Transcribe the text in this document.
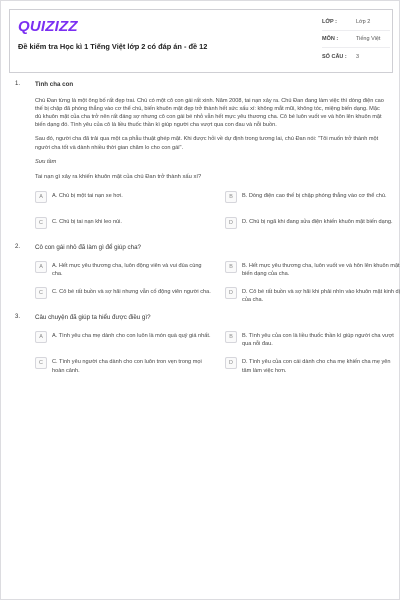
QUIZIZZ
Đề kiểm tra Học kì 1 Tiếng Việt lớp 2 có đáp án - đề 12
LỚP :	Lớp 2
MÔN :	Tiếng Việt
SỐ CÂU :	3
1. Tình cha con

Chú Đan từng là một ông bố rất đẹp trai. Chú có một cô con gái rất xinh. Năm 2008, tai nạn xảy ra. Chú Đan đang làm việc thì dòng điện cao thế bị chập đã phóng thẳng vào cơ thể chú, biến khuôn mặt đẹp trở thành hết sức xấu xí: không mắt mũi, không tóc, miệng biến dạng. Mặc dù khuôn mặt của cha trở nên rất đáng sợ nhưng cô con gái bé nhỏ vẫn hết mực yêu thương cha. Cô bé luôn vuốt ve và hôn lên khuôn mặt biến dạng đó. Tình yêu của cô là liều thuốc thần kì giúp người cha vượt qua con đau và nỗi buồn.

Sau đó, người cha đã trải qua một ca phẫu thuật ghép mặt. Khi được hỏi về dự định trong tương lai, chú Đan nói: "Tôi muốn trở thành một người cha tốt và dành nhiều thời gian chăm lo cho con gái".

Sưu tầm

Tai nạn gì xảy ra khiến khuôn mặt của chú Đan trở thành xấu xí?
A	A. Chú bị một tai nạn xe hơi.	B	B. Dòng điện cao thế bị chập phóng thẳng vào cơ thể chú.
C	C. Chú bị tai nạn khi leo núi.	D	D. Chú bị ngã khi đang sửa điện khiến khuôn mặt biến dạng.
2. Cô con gái nhỏ đã làm gì để giúp cha?
A	A. Hết mực yêu thương cha, luôn động viên và vui đùa cùng cha.
B	B. Hết mực yêu thương cha, luôn vuốt ve và hôn lên khuôn mặt biến dạng của cha.
C	C. Cô bé rất buồn và sợ hãi nhưng vẫn cố động viên người cha.	D	D. Cô bé rất buồn và sợ hãi khi phải nhìn vào khuôn mặt kinh dị của cha.
3. Câu chuyện đã giúp ta hiểu được điều gì?
A	A. Tình yêu cha mẹ dành cho con luôn là món quà quý giá nhất.	B	B. Tình yêu của con là liều thuốc thần kì giúp người cha vượt qua nỗi đau.
C	C. Tình yêu người cha dành cho con luôn tron vẹn trong mọi hoàn cảnh.
D	D. Tình yêu của con cái dành cho cha mẹ khiến cha mẹ yên tâm làm việc hơn.
